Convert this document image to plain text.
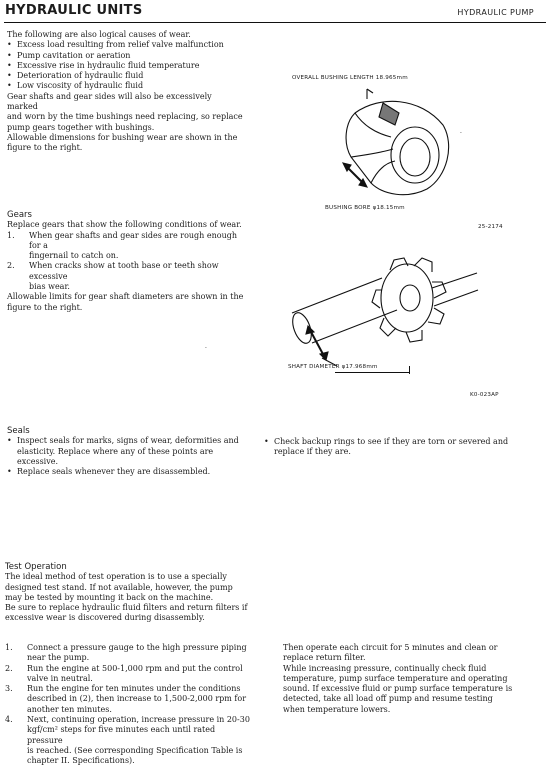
HYDRAULIC UNITS	HYDRAULIC PUMP

The following are also logical causes of wear.

• Excess load resulting from relief valve malfunction
• Pump cavitation or aeration
• Excessive rise in hydraulic fluid temperature
• Deterioration of hydraulic fluid
• Low viscosity of hydraulic fluid

Gear shafts and gear sides will also be excessively marked

and worn by the time bushings need replacing, so replace

pump gears together with bushings.

Allowable dimensions for bushing wear are shown in the

figure to the right.

OVERALL BUSHING LENGTH 18.965mm
·
BUSHING BORE φ18.15mm
25-2174
Gears

Replace gears that show the following conditions of wear.

1. When gear shafts and gear sides are rough enough for a
fingernail to catch on.
2. When cracks show at tooth base or teeth show excessive
bias wear.

Allowable limits for gear shaft diameters are shown in the

figure to the right.

·
SHAFT DIAMETER φ17.968mm
K0-023AP
Seals
• Inspect seals for marks, signs of wear, deformities and
elasticity. Replace where any of these points are
excessive.
• Replace seals whenever they are disassembled.
• Check backup rings to see if they are torn or severed and
replace if they are.
Test Operation

The ideal method of test operation is to use a specially

designed test stand. If not available, however, the pump

may be tested by mounting it back on the machine.

Be sure to replace hydraulic fluid filters and return filters if

excessive wear is discovered during disassembly.

1. Connect a pressure gauge to the high pressure piping
near the pump.
2. Run the engine at 500-1,000 rpm and put the control
valve in neutral.
3. Run the engine for ten minutes under the conditions
described in (2), then increase to 1,500-2,000 rpm for
another ten minutes.
4. Next, continuing operation, increase pressure in 20-30
kgf/cm² steps for five minutes each until rated pressure
is reached. (See corresponding Specification Table is
chapter II. Specifications).

Then operate each circuit for 5 minutes and clean or

replace return filter.

While increasing pressure, continually check fluid

temperature, pump surface temperature and operating

sound. If excessive fluid or pump surface temperature is

detected, take all load off pump and resume testing

when temperature lowers.
